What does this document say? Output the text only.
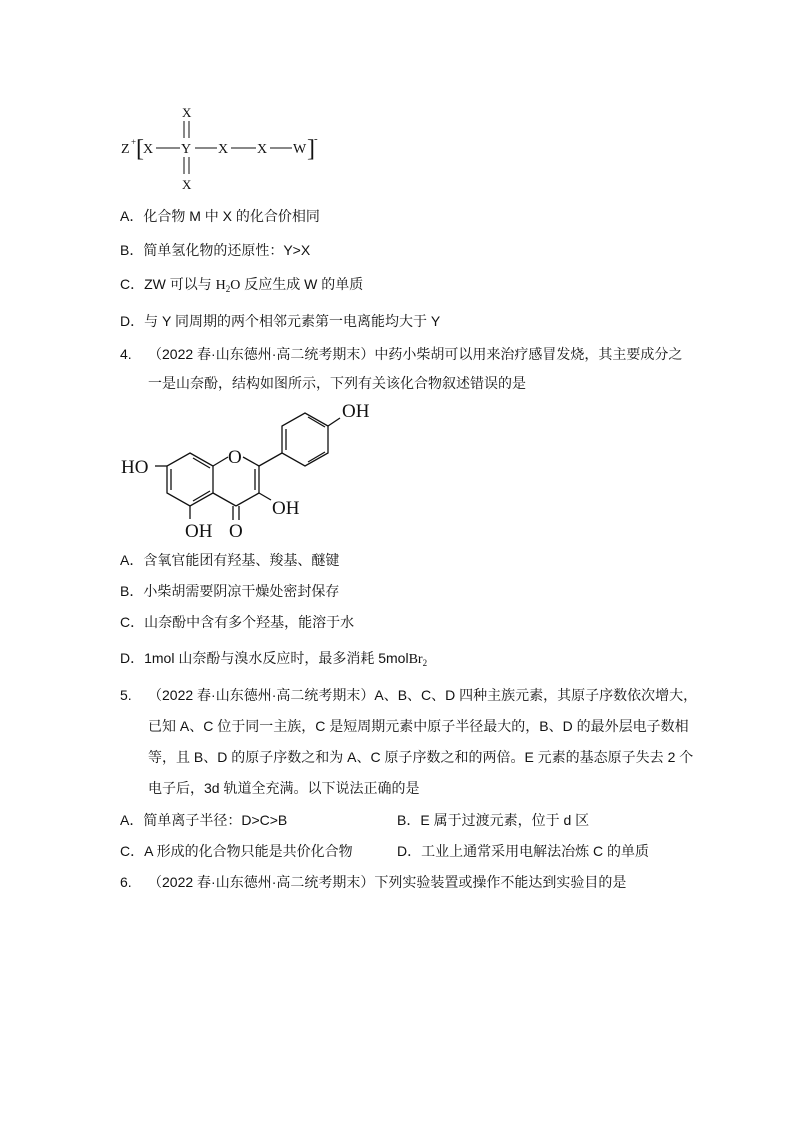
Z + [ X Y
X
X
X X W ] -
A．化合物 M 中 X 的化合价相同
B．简单氢化物的还原性：Y>X
C．ZW 可以与 $H_2O$ 反应生成 W 的单质
D．与 Y 同周期的两个相邻元素第一电离能均大于 Y
4. （2022 春·山东德州·高二统考期末）中药小柴胡可以用来治疗感冒发烧，其主要成分之
一是山奈酚，结构如图所示，下列有关该化合物叙述错误的是
OH
HO	O
OH
OH O
A．含氧官能团有羟基、羧基、醚键
B．小柴胡需要阴凉干燥处密封保存
C．山奈酚中含有多个羟基，能溶于水
D．1mol 山奈酚与溴水反应时，最多消耗 5molBr$_2$
5. （2022 春·山东德州·高二统考期末）A、B、C、D 四种主族元素，其原子序数依次增大，
已知 A、C 位于同一主族，C 是短周期元素中原子半径最大的，B、D 的最外层电子数相
等，且 B、D 的原子序数之和为 A、C 原子序数之和的两倍。E 元素的基态原子失去 2 个
电子后，3d 轨道全充满。以下说法正确的是
A．简单离子半径：D>C>B	B．E 属于过渡元素，位于 d 区
C．A 形成的化合物只能是共价化合物	D．工业上通常采用电解法冶炼 C 的单质
6. （2022 春·山东德州·高二统考期末）下列实验装置或操作不能达到实验目的是
